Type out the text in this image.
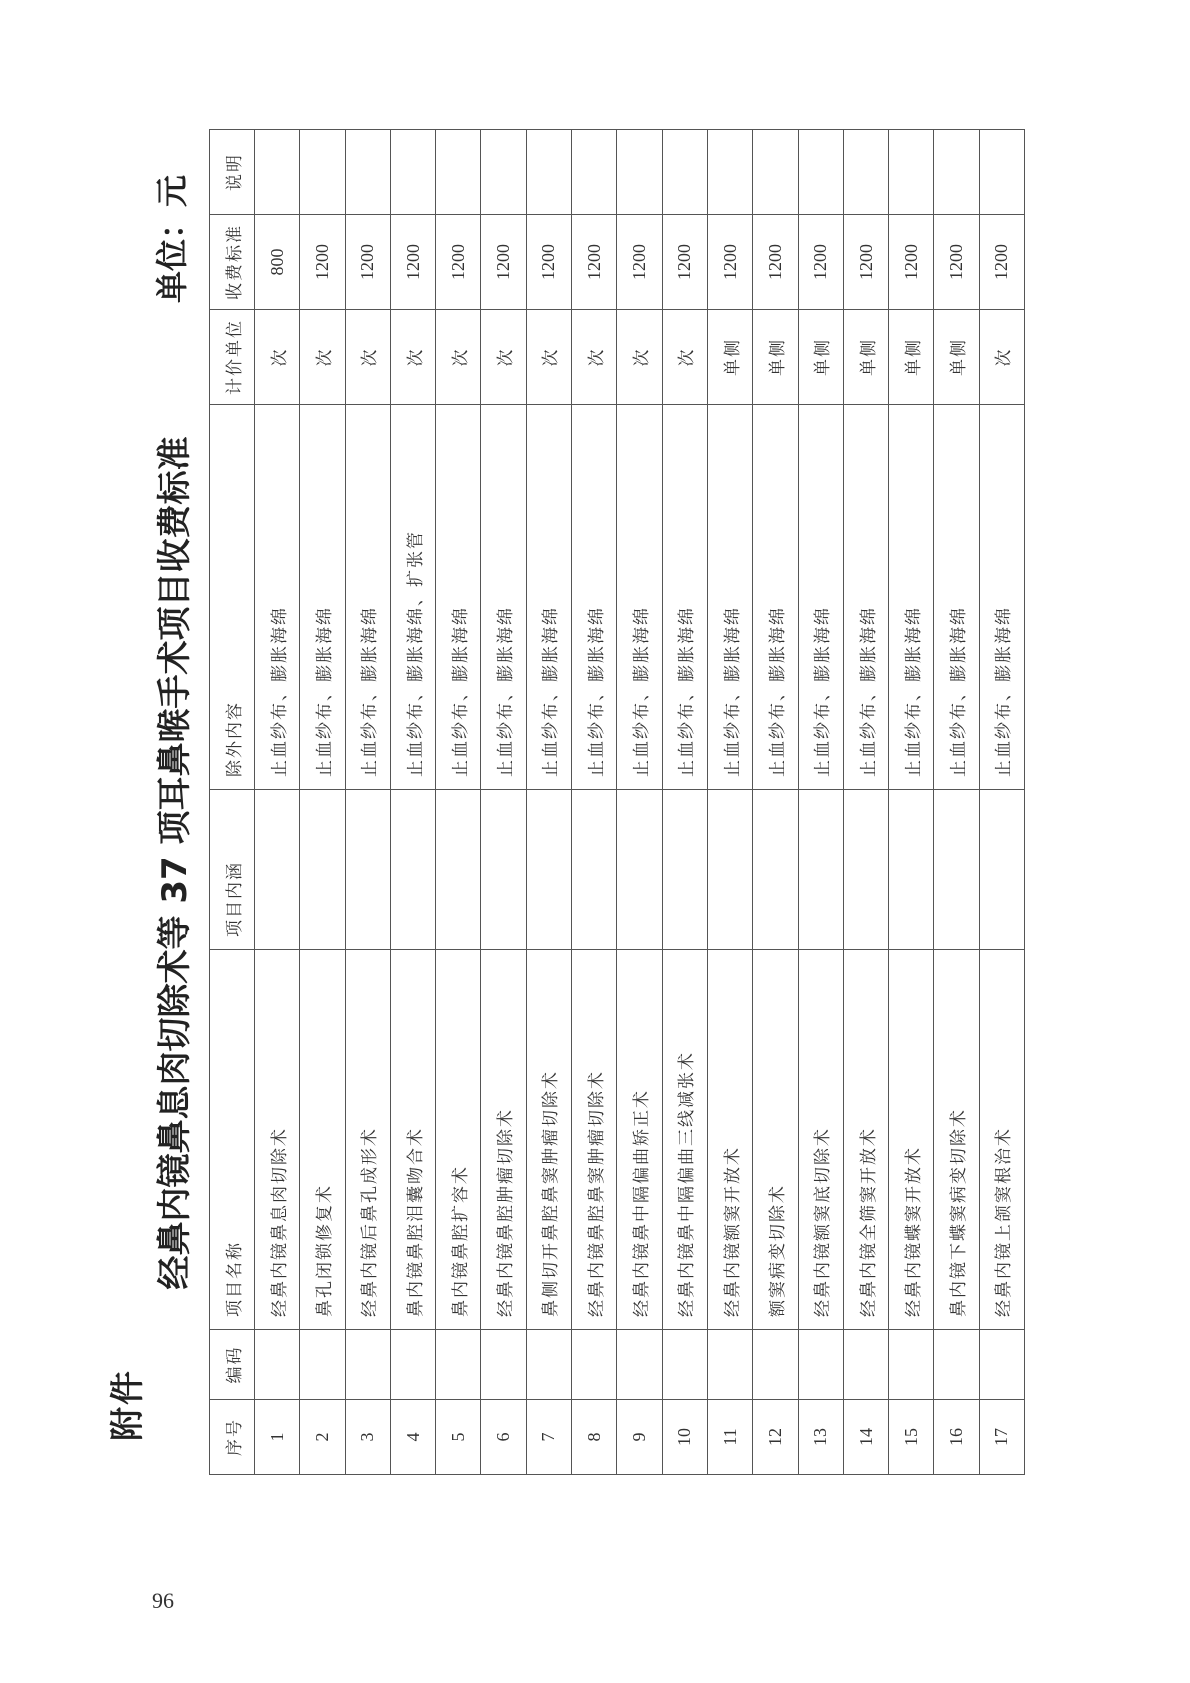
96
附件
经鼻内镜鼻息肉切除术等 37 项耳鼻喉手术项目收费标准
单位：元
序号	编码	项目名称	项目内涵	除外内容	计价单位	收费标准	说明
1		经鼻内镜鼻息肉切除术		止血纱布、膨胀海绵	次	800	
2		鼻孔闭锁修复术		止血纱布、膨胀海绵	次	1200	
3		经鼻内镜后鼻孔成形术		止血纱布、膨胀海绵	次	1200	
4		鼻内镜鼻腔泪囊吻合术		止血纱布、膨胀海绵、扩张管	次	1200	
5		鼻内镜鼻腔扩容术		止血纱布、膨胀海绵	次	1200	
6		经鼻内镜鼻腔肿瘤切除术		止血纱布、膨胀海绵	次	1200	
7		鼻侧切开鼻腔鼻窦肿瘤切除术		止血纱布、膨胀海绵	次	1200	
8		经鼻内镜鼻腔鼻窦肿瘤切除术		止血纱布、膨胀海绵	次	1200	
9		经鼻内镜鼻中隔偏曲矫正术		止血纱布、膨胀海绵	次	1200	
10		经鼻内镜鼻中隔偏曲三线减张术		止血纱布、膨胀海绵	次	1200	
11		经鼻内镜额窦开放术		止血纱布、膨胀海绵	单侧	1200	
12		额窦病变切除术		止血纱布、膨胀海绵	单侧	1200	
13		经鼻内镜额窦底切除术		止血纱布、膨胀海绵	单侧	1200	
14		经鼻内镜全筛窦开放术		止血纱布、膨胀海绵	单侧	1200	
15		经鼻内镜蝶窦开放术		止血纱布、膨胀海绵	单侧	1200	
16		鼻内镜下蝶窦病变切除术		止血纱布、膨胀海绵	单侧	1200	
17		经鼻内镜上颌窦根治术		止血纱布、膨胀海绵	次	1200	
